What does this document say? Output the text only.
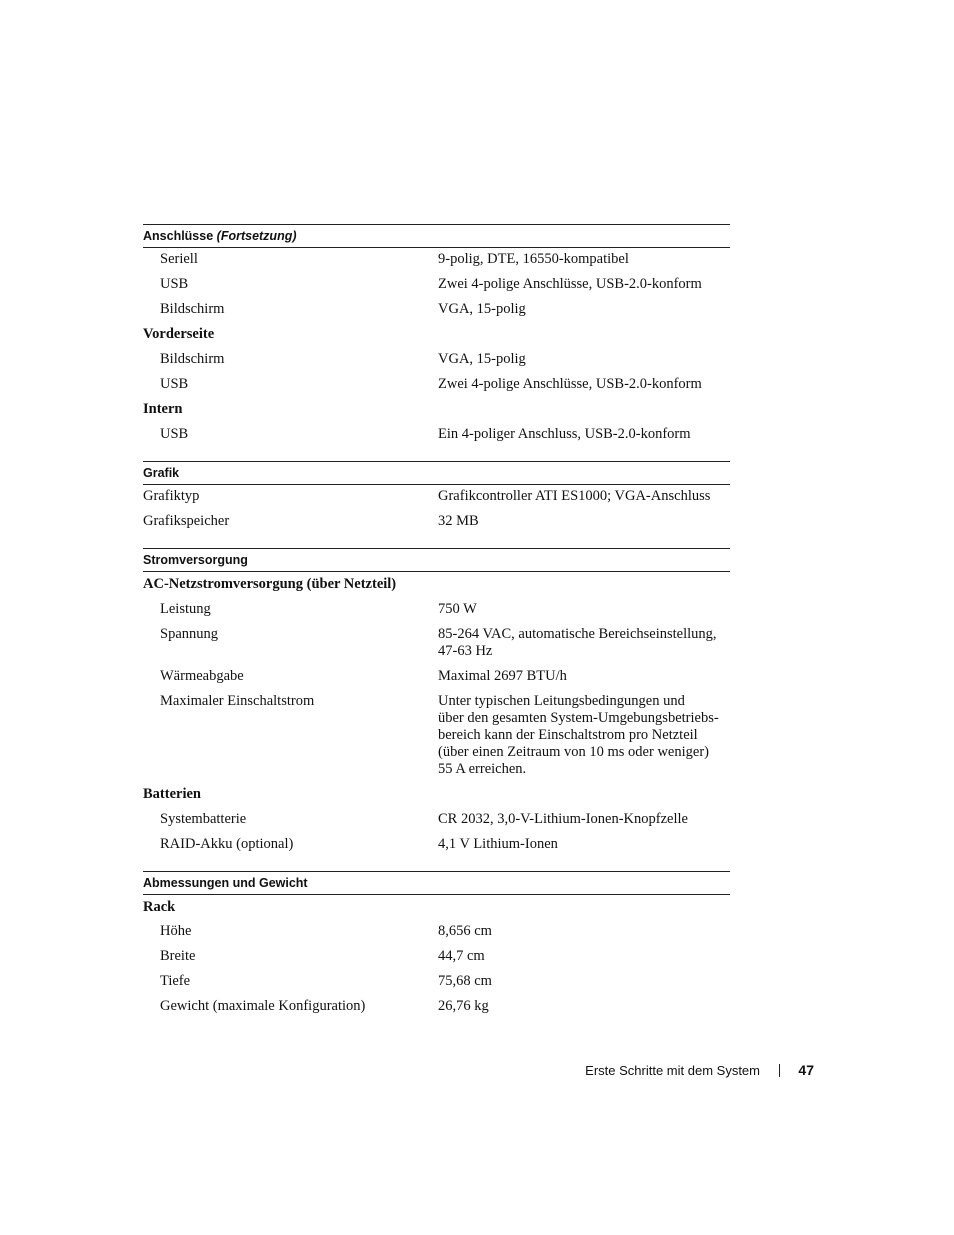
Anschlüsse (Fortsetzung)
Seriell	9-polig, DTE, 16550-kompatibel
USB	Zwei 4-polige Anschlüsse, USB-2.0-konform
Bildschirm	VGA, 15-polig
Vorderseite
Bildschirm	VGA, 15-polig
USB	Zwei 4-polige Anschlüsse, USB-2.0-konform
Intern
USB	Ein 4-poliger Anschluss, USB-2.0-konform
Grafik
Grafiktyp	Grafikcontroller ATI ES1000; VGA-Anschluss
Grafikspeicher	32 MB
Stromversorgung
AC-Netzstromversorgung (über Netzteil)
Leistung	750 W
Spannung	85-264 VAC, automatische Bereichseinstellung,
47-63 Hz
Wärmeabgabe	Maximal 2697 BTU/h
Maximaler Einschaltstrom	Unter typischen Leitungsbedingungen und
über den gesamten System-Umgebungsbetriebs-
bereich kann der Einschaltstrom pro Netzteil
(über einen Zeitraum von 10 ms oder weniger)
55 A erreichen.
Batterien
Systembatterie	CR 2032, 3,0-V-Lithium-Ionen-Knopfzelle
RAID-Akku (optional)	4,1 V Lithium-Ionen
Abmessungen und Gewicht
Rack
Höhe	8,656 cm
Breite	44,7 cm
Tiefe	75,68 cm
Gewicht (maximale Konfiguration)	26,76 kg
Erste Schritte mit dem System	47
